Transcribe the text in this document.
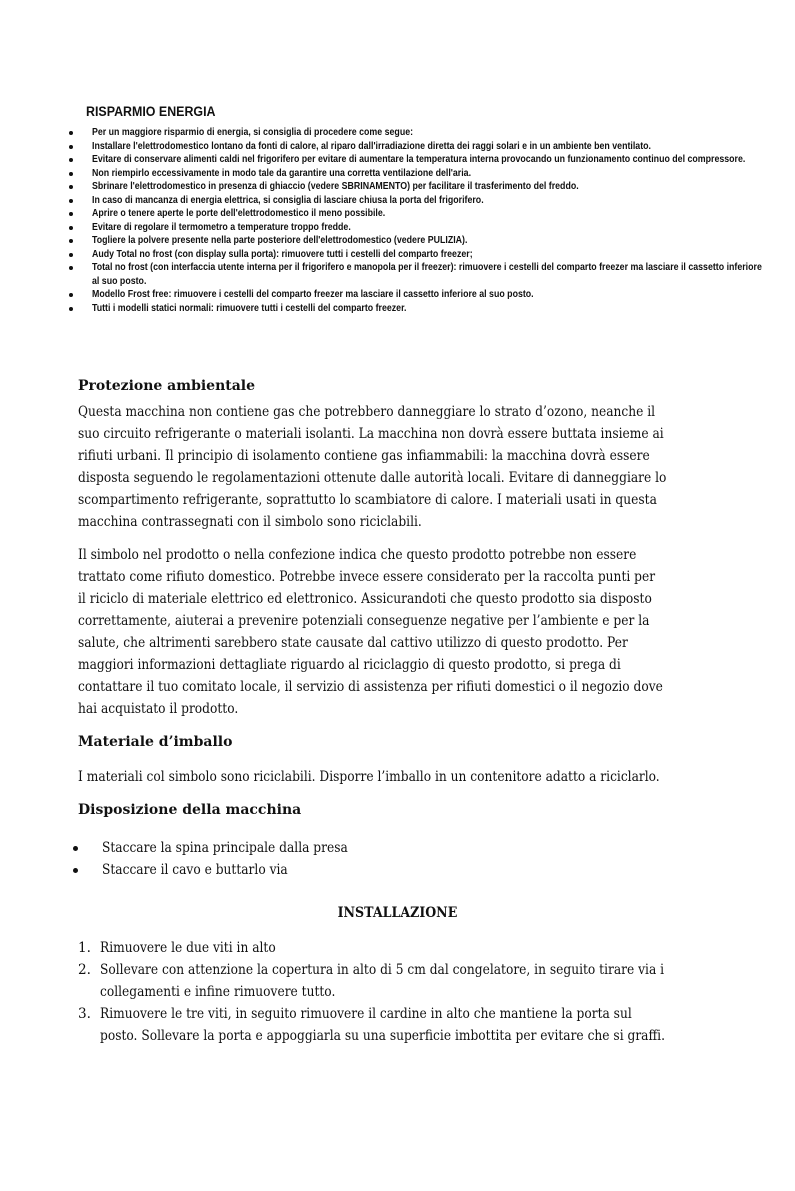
RISPARMIO ENERGIA
Per un maggiore risparmio di energia, si consiglia di procedere come segue:
Installare l'elettrodomestico lontano da fonti di calore, al riparo dall'irradiazione diretta dei raggi solari e in un ambiente ben ventilato.
Evitare di conservare alimenti caldi nel frigorifero per evitare di aumentare la temperatura interna provocando un funzionamento continuo del compressore.
Non riempirlo eccessivamente in modo tale da garantire una corretta ventilazione dell'aria.
Sbrinare l'elettrodomestico in presenza di ghiaccio (vedere SBRINAMENTO) per facilitare il trasferimento del freddo.
In caso di mancanza di energia elettrica, si consiglia di lasciare chiusa la porta del frigorifero.
Aprire o tenere aperte le porte dell'elettrodomestico il meno possibile.
Evitare di regolare il termometro a temperature troppo fredde.
Togliere la polvere presente nella parte posteriore dell'elettrodomestico (vedere PULIZIA).
Audy Total no frost (con display sulla porta): rimuovere tutti i cestelli del comparto freezer;
Total no frost (con interfaccia utente interna per il frigorifero e manopola per il freezer): rimuovere i cestelli del comparto freezer ma lasciare il cassetto inferiore al suo posto.
Modello Frost free: rimuovere i cestelli del comparto freezer ma lasciare il cassetto inferiore al suo posto.
Tutti i modelli statici normali: rimuovere tutti i cestelli del comparto freezer.
Protezione ambientale
Questa macchina non contiene gas che potrebbero danneggiare lo strato d’ozono, neanche il
suo circuito refrigerante o materiali isolanti. La macchina non dovrà essere buttata insieme ai
rifiuti urbani. Il principio di isolamento contiene gas infiammabili: la macchina dovrà essere
disposta seguendo le regolamentazioni ottenute dalle autorità locali. Evitare di danneggiare lo
scompartimento refrigerante, soprattutto lo scambiatore di calore. I materiali usati in questa
macchina contrassegnati con il simbolo sono riciclabili.
Il simbolo nel prodotto o nella confezione indica che questo prodotto potrebbe non essere
trattato come rifiuto domestico. Potrebbe invece essere considerato per la raccolta punti per
il riciclo di materiale elettrico ed elettronico. Assicurandoti che questo prodotto sia disposto
correttamente, aiuterai a prevenire potenziali conseguenze negative per l’ambiente e per la
salute, che altrimenti sarebbero state causate dal cattivo utilizzo di questo prodotto. Per
maggiori informazioni dettagliate riguardo al riciclaggio di questo prodotto, si prega di
contattare il tuo comitato locale, il servizio di assistenza per rifiuti domestici o il negozio dove
hai acquistato il prodotto.
Materiale d’imballo
I materiali col simbolo sono riciclabili. Disporre l’imballo in un contenitore adatto a riciclarlo.
Disposizione della macchina
Staccare la spina principale dalla presa
Staccare il cavo e buttarlo via
INSTALLAZIONE
1. Rimuovere le due viti in alto
2. Sollevare con attenzione la copertura in alto di 5 cm dal congelatore, in seguito tirare via i
collegamenti e infine rimuovere tutto.
3. Rimuovere le tre viti, in seguito rimuovere il cardine in alto che mantiene la porta sul
posto. Sollevare la porta e appoggiarla su una superficie imbottita per evitare che si graffi.
